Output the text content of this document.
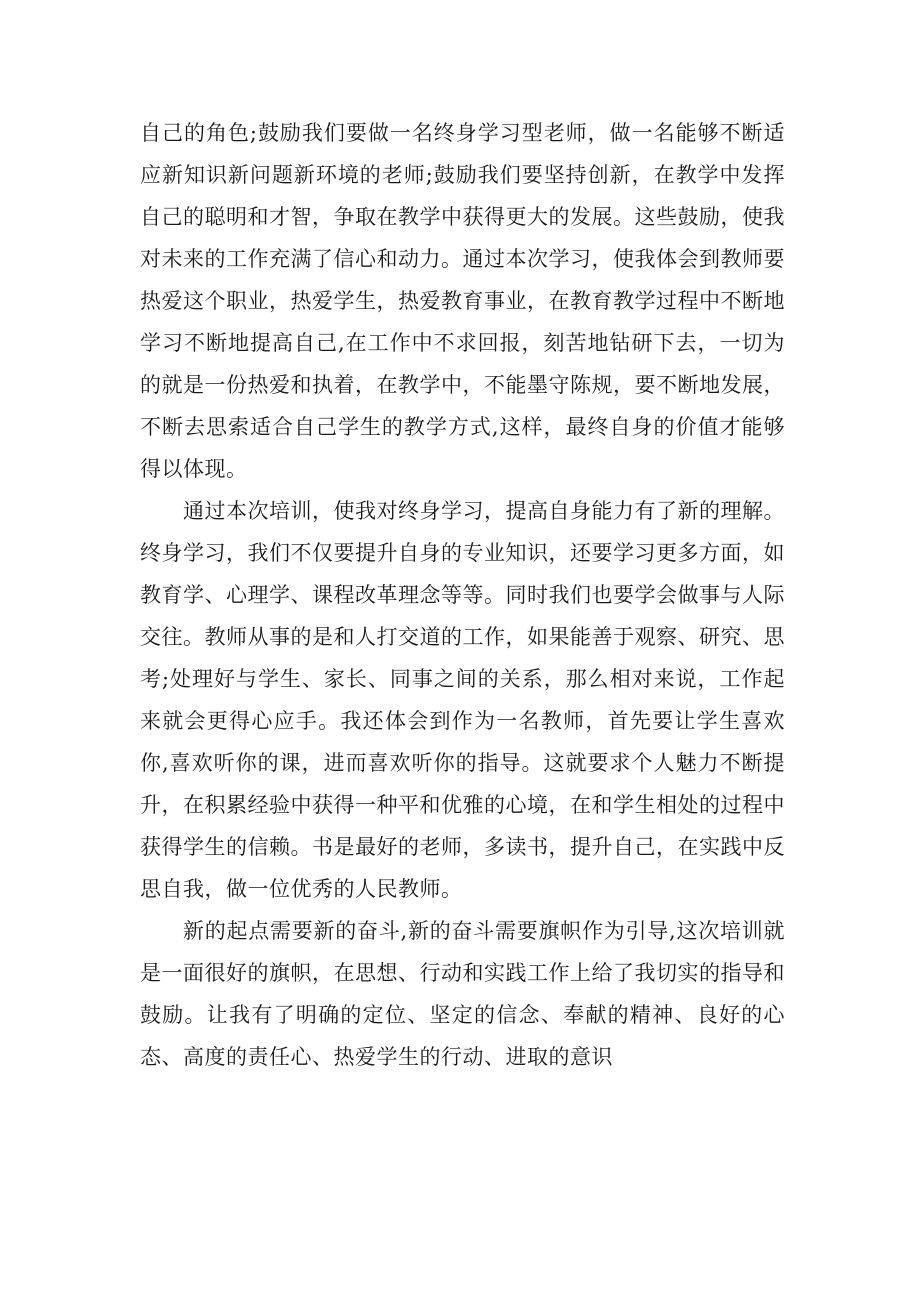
自己的角色;鼓励我们要做一名终身学习型老师，做一名能够不断适应新知识新问题新环境的老师;鼓励我们要坚持创新，在教学中发挥自己的聪明和才智，争取在教学中获得更大的发展。这些鼓励，使我对未来的工作充满了信心和动力。通过本次学习，使我体会到教师要热爱这个职业，热爱学生，热爱教育事业，在教育教学过程中不断地学习不断地提高自己,在工作中不求回报，刻苦地钻研下去，一切为的就是一份热爱和执着，在教学中，不能墨守陈规，要不断地发展，不断去思索适合自己学生的教学方式,这样，最终自身的价值才能够得以体现。

通过本次培训，使我对终身学习，提高自身能力有了新的理解。终身学习，我们不仅要提升自身的专业知识，还要学习更多方面，如教育学、心理学、课程改革理念等等。同时我们也要学会做事与人际交往。教师从事的是和人打交道的工作，如果能善于观察、研究、思考;处理好与学生、家长、同事之间的关系，那么相对来说，工作起来就会更得心应手。我还体会到作为一名教师，首先要让学生喜欢你,喜欢听你的课，进而喜欢听你的指导。这就要求个人魅力不断提升，在积累经验中获得一种平和优雅的心境，在和学生相处的过程中获得学生的信赖。书是最好的老师，多读书，提升自己，在实践中反思自我，做一位优秀的人民教师。

新的起点需要新的奋斗,新的奋斗需要旗帜作为引导,这次培训就是一面很好的旗帜，在思想、行动和实践工作上给了我切实的指导和鼓励。让我有了明确的定位、坚定的信念、奉献的精神、良好的心态、高度的责任心、热爱学生的行动、进取的意识
